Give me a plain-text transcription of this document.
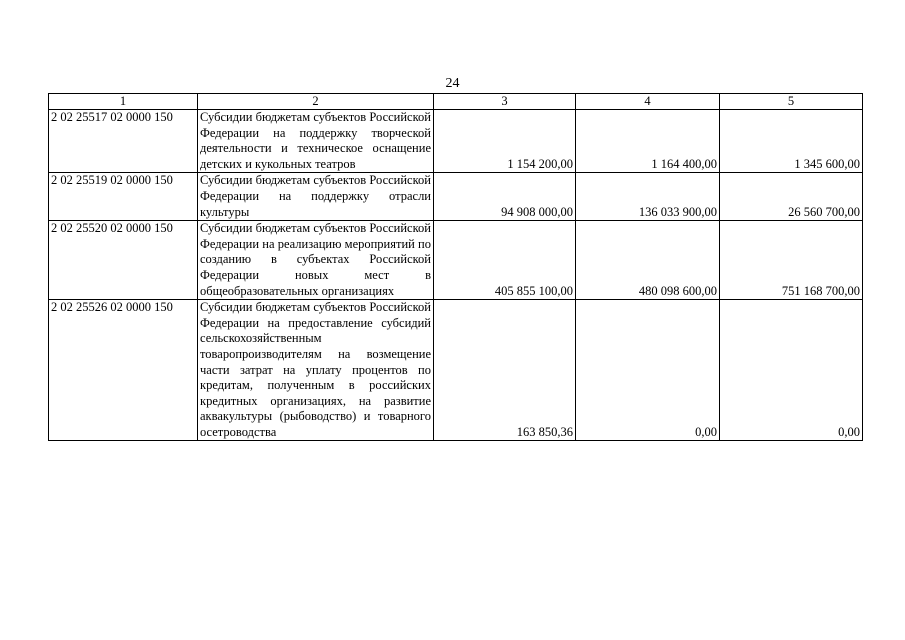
24
1	2	3	4	5
2 02 25517 02 0000 150	Субсидии бюджетам субъектов Российской Федерации на поддержку творческой деятельности и техническое оснащение детских и кукольных театров	1 154 200,00	1 164 400,00	1 345 600,00
2 02 25519 02 0000 150	Субсидии бюджетам субъектов Российской Федерации на поддержку отрасли культуры	94 908 000,00	136 033 900,00	26 560 700,00
2 02 25520 02 0000 150	Субсидии бюджетам субъектов Российской Федерации на реализацию мероприятий по созданию в субъектах Российской Федерации новых мест в общеобразовательных организациях	405 855 100,00	480 098 600,00	751 168 700,00
2 02 25526 02 0000 150	Субсидии бюджетам субъектов Российской Федерации на предоставление субсидий сельскохозяйственным товаропроизводителям на возмещение части затрат на уплату процентов по кредитам, полученным в российских кредитных организациях, на развитие аквакультуры (рыбоводство) и товарного осетроводства	163 850,36	0,00	0,00
